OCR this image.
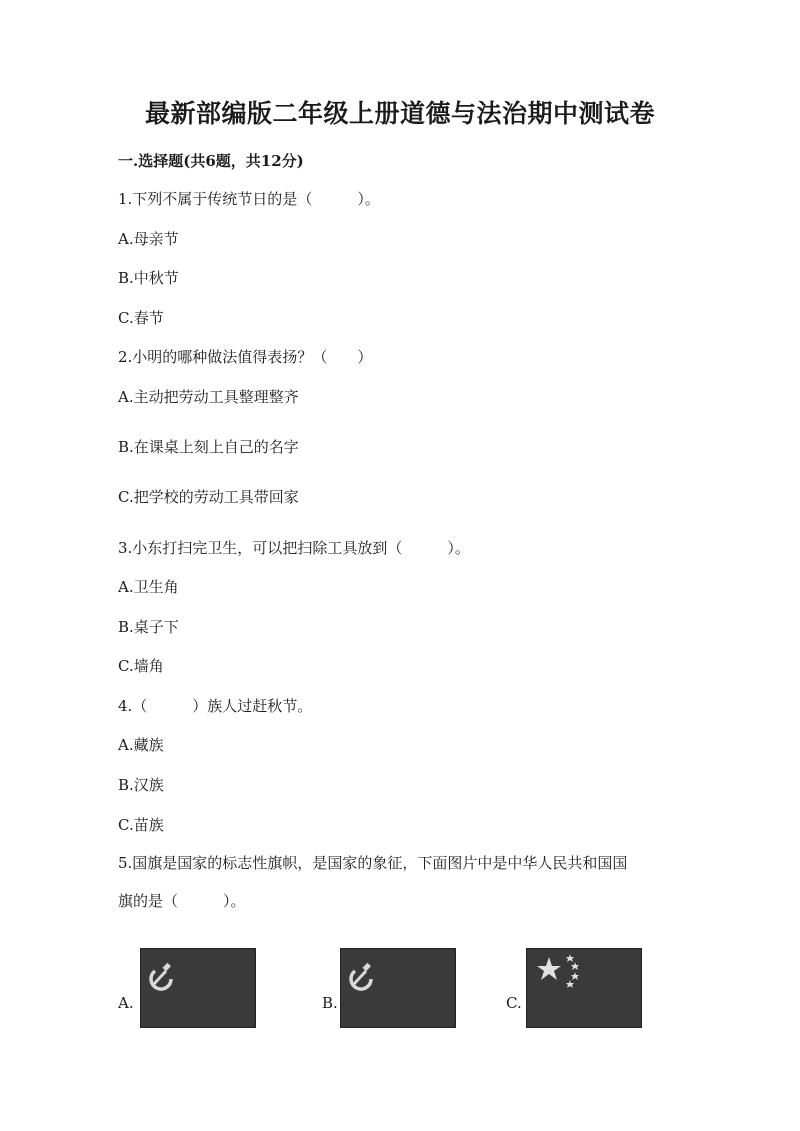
最新部编版二年级上册道德与法治期中测试卷
一.选择题(共6题，共12分)
1.下列不属于传统节日的是（　　　）。
A.母亲节
B.中秋节
C.春节
2.小明的哪种做法值得表扬？（　　）
A.主动把劳动工具整理整齐
B.在课桌上刻上自己的名字
C.把学校的劳动工具带回家
3.小东打扫完卫生，可以把扫除工具放到（　　　）。
A.卫生角
B.桌子下
C.墙角
4.（　　　）族人过赶秋节。
A.藏族
B.汉族
C.苗族
5.国旗是国家的标志性旗帜，是国家的象征，下面图片中是中华人民共和国国
旗的是（　　　）。
A.	B.	C.
